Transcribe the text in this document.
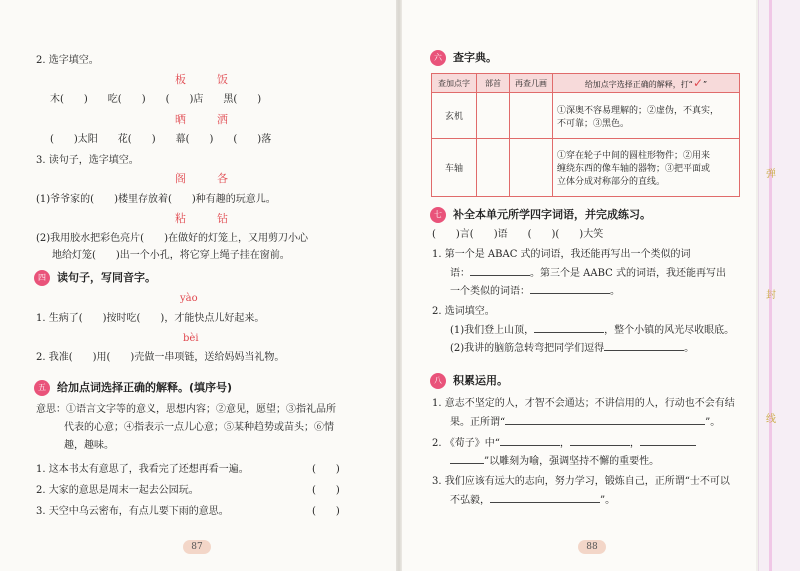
弹
封
线
2. 选字填空。
板　饭
木(　　)　　吃(　　)　　(　　)店　　黑(　　)
晒　洒
(　　)太阳　　花(　　)　　幕(　　)　　(　　)落
3. 读句子，选字填空。
阁　各
(1)爷爷家的(　　)楼里存放着(　　)种有趣的玩意儿。
粘　钻
(2)我用胶水把彩色亮片(　　)在做好的灯笼上，又用剪刀小心
地给灯笼(　　)出一个小孔，将它穿上绳子挂在窗前。
四	读句子，写同音字。
yào
1. 生病了(　　)按时吃(　　)，才能快点儿好起来。
bèi
2. 我准(　　)用(　　)壳做一串项链，送给妈妈当礼物。
五	给加点词选择正确的解释。(填序号)
意思：①语言文字等的意义，思想内容；②意见，愿望；③指礼品所
代表的心意；④指表示一点儿心意；⑤某种趋势或苗头；⑥情
趣，趣味。
1. 这本书太有意思了，我看完了还想再看一遍。	(　　)
2. 大家的意思是周末一起去公园玩。	(　　)
3. 天空中乌云密布，有点儿要下雨的意思。	(　　)
87
六	查字典。
查加点字	部首	再查几画	给加点字选择正确的解释，打“✓”
玄机			①深奥不容易理解的；②虚伪，不真实，
不可靠；③黑色。

车轴			①穿在轮子中间的圆柱形物件；②用来
缠绕东西的像车轴的器物；③把平面或
立体分成对称部分的直线。
七	补全本单元所学四字词语，并完成练习。
(　　)言(　　)语　　(　　)(　　)大笑
1. 第一个是 ABAC 式的词语，我还能再写出一个类似的词
语：	。第三个是 AABC 式的词语，我还能再写出
一个类似的词语：	。
2. 选词填空。
(1)我们登上山顶，	，整个小镇的风光尽收眼底。
(2)我讲的脑筋急转弯把同学们逗得	。
八	积累运用。
1. 意志不坚定的人，才智不会通达；不讲信用的人，行动也不会有结
果。正所谓“	”。
2. 《荀子》中“	，	，
”以雕刻为喻，强调坚持不懈的重要性。
3. 我们应该有远大的志向，努力学习，锻炼自己，正所谓“士不可以
不弘毅，	”。
88
